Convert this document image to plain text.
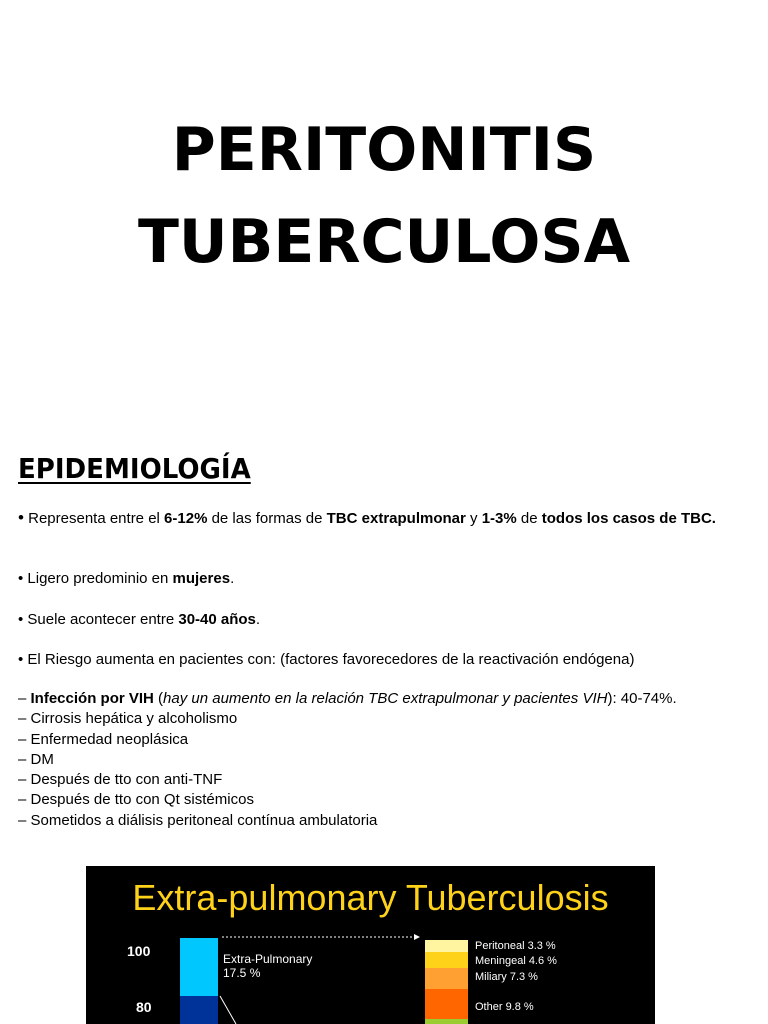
PERITONITIS
TUBERCULOSA
EPIDEMIOLOGÍA
• Representa entre el 6-12% de las formas de TBC extrapulmonar y 1-3% de todos los casos de TBC.
• Ligero predominio en mujeres.
• Suele acontecer entre 30-40 años.
• El Riesgo aumenta en pacientes con: (factores favorecedores de la reactivación endógena)
– Infección por VIH (hay un aumento en la relación TBC extrapulmonar y pacientes VIH): 40-74%.
– Cirrosis hepática y alcoholismo
– Enfermedad neoplásica
– DM
– Después de tto con anti-TNF
– Después de tto con Qt sistémicos
– Sometidos a diálisis peritoneal contínua ambulatoria
Extra-pulmonary Tuberculosis
100
80
Extra-Pulmonary
17.5 %
Peritoneal 3.3 %
Meningeal 4.6 %
Miliary 7.3 %
Other 9.8 %
